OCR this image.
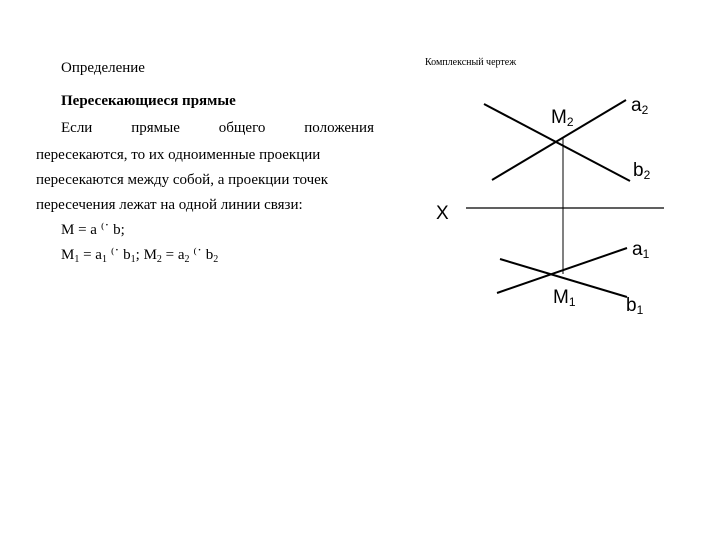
Определение
Пересекающиеся прямые
Если	прямые	общего	положения
пересекаются, то их одноименные проекции
пересекаются между собой, а проекции точек
пересечения лежат на одной линии связи:
M = a ⁽˙ b;
$M_1 = a_1$ ⁽˙ $b_1$; $M_2 = a_2$ ⁽˙ $b_2$
Комплексный чертеж
M2
a2
b2
X
a1
M1	b1
